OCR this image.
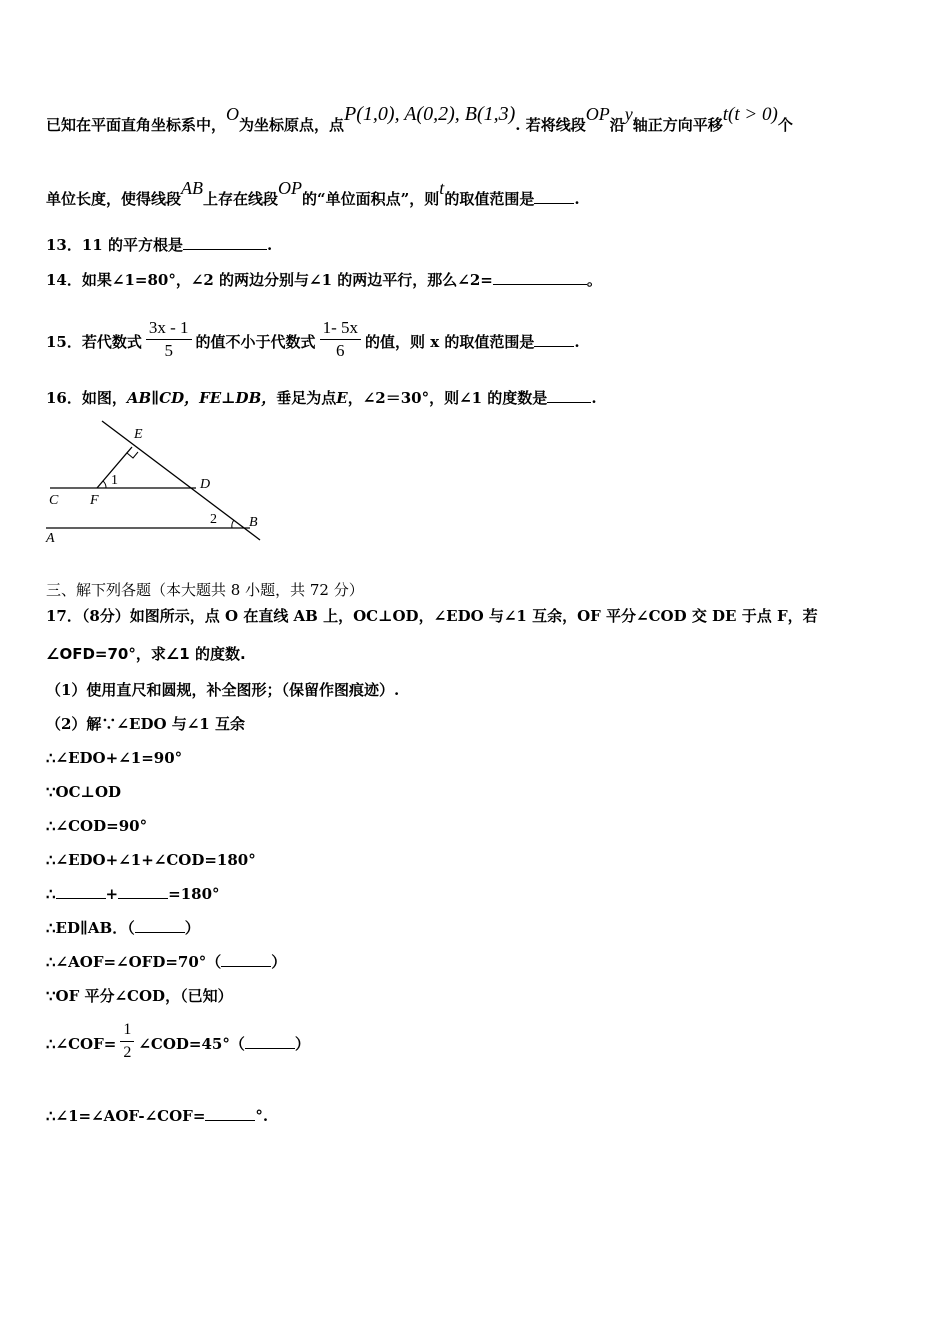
已知在平面直角坐标系中，O为坐标原点，点P(1,0), A(0,2), B(1,3). 若将线段OP沿y轴正方向平移t(t > 0)个
单位长度，使得线段AB上存在线段OP的“单位面积点”，则t的取值范围是	.
13．11 的平方根是	.
14．如果∠1=80°，∠2 的两边分别与∠1 的两边平行，那么∠2=	。
15．若代数式 $\frac{3x - 1}{5}$ 的值不小于代数式 $\frac{1- 5x}{6}$ 的值，则 x 的取值范围是	.
16．如图，AB∥CD，FE⊥DB，垂足为点E，∠2＝30°，则∠1 的度数是	.
E
D
C F
A
B
1
2
三、解下列各题（本大题共 8 小题，共 72 分）
17．（8分）如图所示，点 O 在直线 AB 上，OC⊥OD，∠EDO 与∠1 互余，OF 平分∠COD 交 DE 于点 F，若
∠OFD=70°，求∠1 的度数.
（1）使用直尺和圆规，补全图形；（保留作图痕迹）.
（2）解∵∠EDO 与∠1 互余
∴∠EDO+∠1=90°
∵OC⊥OD
∴∠COD=90°
∴∠EDO+∠1+∠COD=180°
∴	+	=180°
∴ED∥AB．（	）
∴∠AOF=∠OFD=70°（	）
∵OF 平分∠COD，（已知）
∴∠COF= $\frac{1}{2}$ ∠COD=45°（	）
∴∠1=∠AOF-∠COF=	°.
